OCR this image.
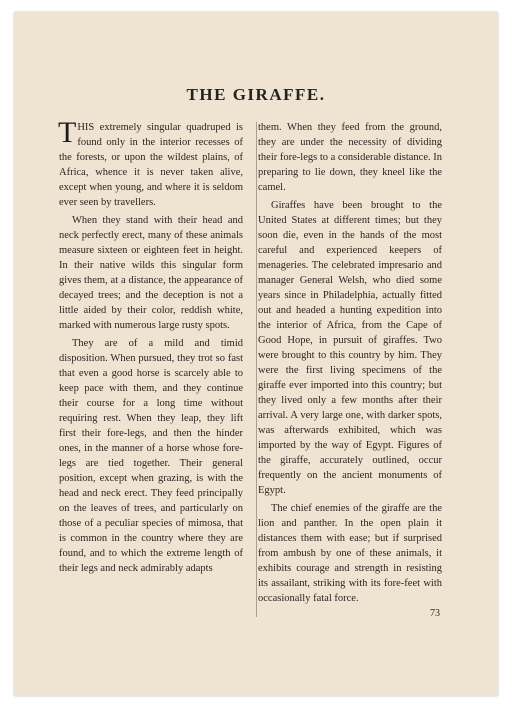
THE GIRAFFE.

THIS extremely singular quadruped is found only in the interior recesses of the forests, or upon the wildest plains, of Africa, whence it is never taken alive, except when young, and where it is seldom ever seen by travellers.

When they stand with their head and neck perfectly erect, many of these animals measure sixteen or eighteen feet in height. In their native wilds this singular form gives them, at a distance, the appearance of decayed trees; and the deception is not a little aided by their color, reddish white, marked with numerous large rusty spots.

They are of a mild and timid disposition. When pursued, they trot so fast that even a good horse is scarcely able to keep pace with them, and they continue their course for a long time without requiring rest. When they leap, they lift first their fore-legs, and then the hinder ones, in the manner of a horse whose fore-legs are tied together. Their general position, except when grazing, is with the head and neck erect. They feed principally on the leaves of trees, and particularly on those of a peculiar species of mimosa, that is common in the country where they are found, and to which the extreme length of their legs and neck admirably adapts

them. When they feed from the ground, they are under the necessity of dividing their fore-legs to a considerable distance. In preparing to lie down, they kneel like the camel.

Giraffes have been brought to the United States at different times; but they soon die, even in the hands of the most careful and experienced keepers of menageries. The celebrated impresario and manager General Welsh, who died some years since in Philadelphia, actually fitted out and headed a hunting expedition into the interior of Africa, from the Cape of Good Hope, in pursuit of giraffes. Two were brought to this country by him. They were the first living specimens of the giraffe ever imported into this country; but they lived only a few months after their arrival. A very large one, with darker spots, was afterwards exhibited, which was imported by the way of Egypt. Figures of the giraffe, accurately outlined, occur frequently on the ancient monuments of Egypt.

The chief enemies of the giraffe are the lion and panther. In the open plain it distances them with ease; but if surprised from ambush by one of these animals, it exhibits courage and strength in resisting its assailant, striking with its fore-feet with occasionally fatal force.

73
